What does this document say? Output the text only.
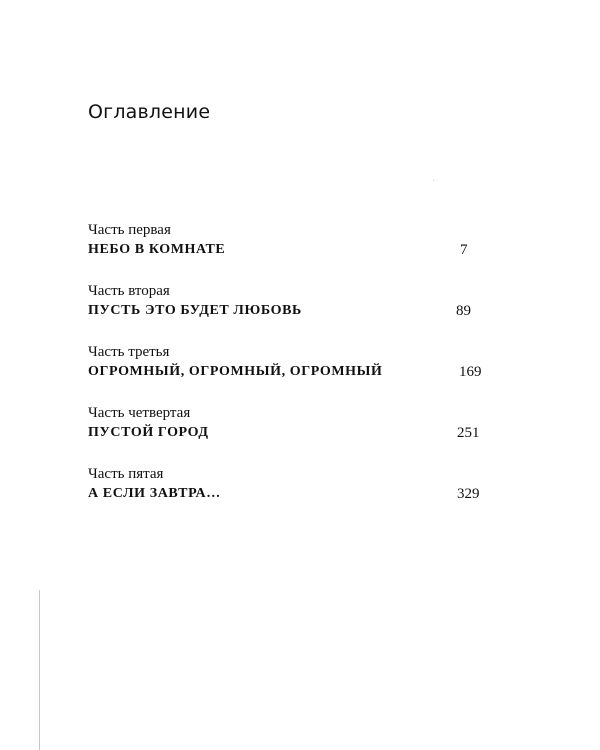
Оглавление
Часть первая
НЕБО В КОМНАТЕ	7
Часть вторая
ПУСТЬ ЭТО БУДЕТ ЛЮБОВЬ	89
Часть третья
ОГРОМНЫЙ, ОГРОМНЫЙ, ОГРОМНЫЙ	169
Часть четвертая
ПУСТОЙ ГОРОД	251
Часть пятая
А ЕСЛИ ЗАВТРА…	329
